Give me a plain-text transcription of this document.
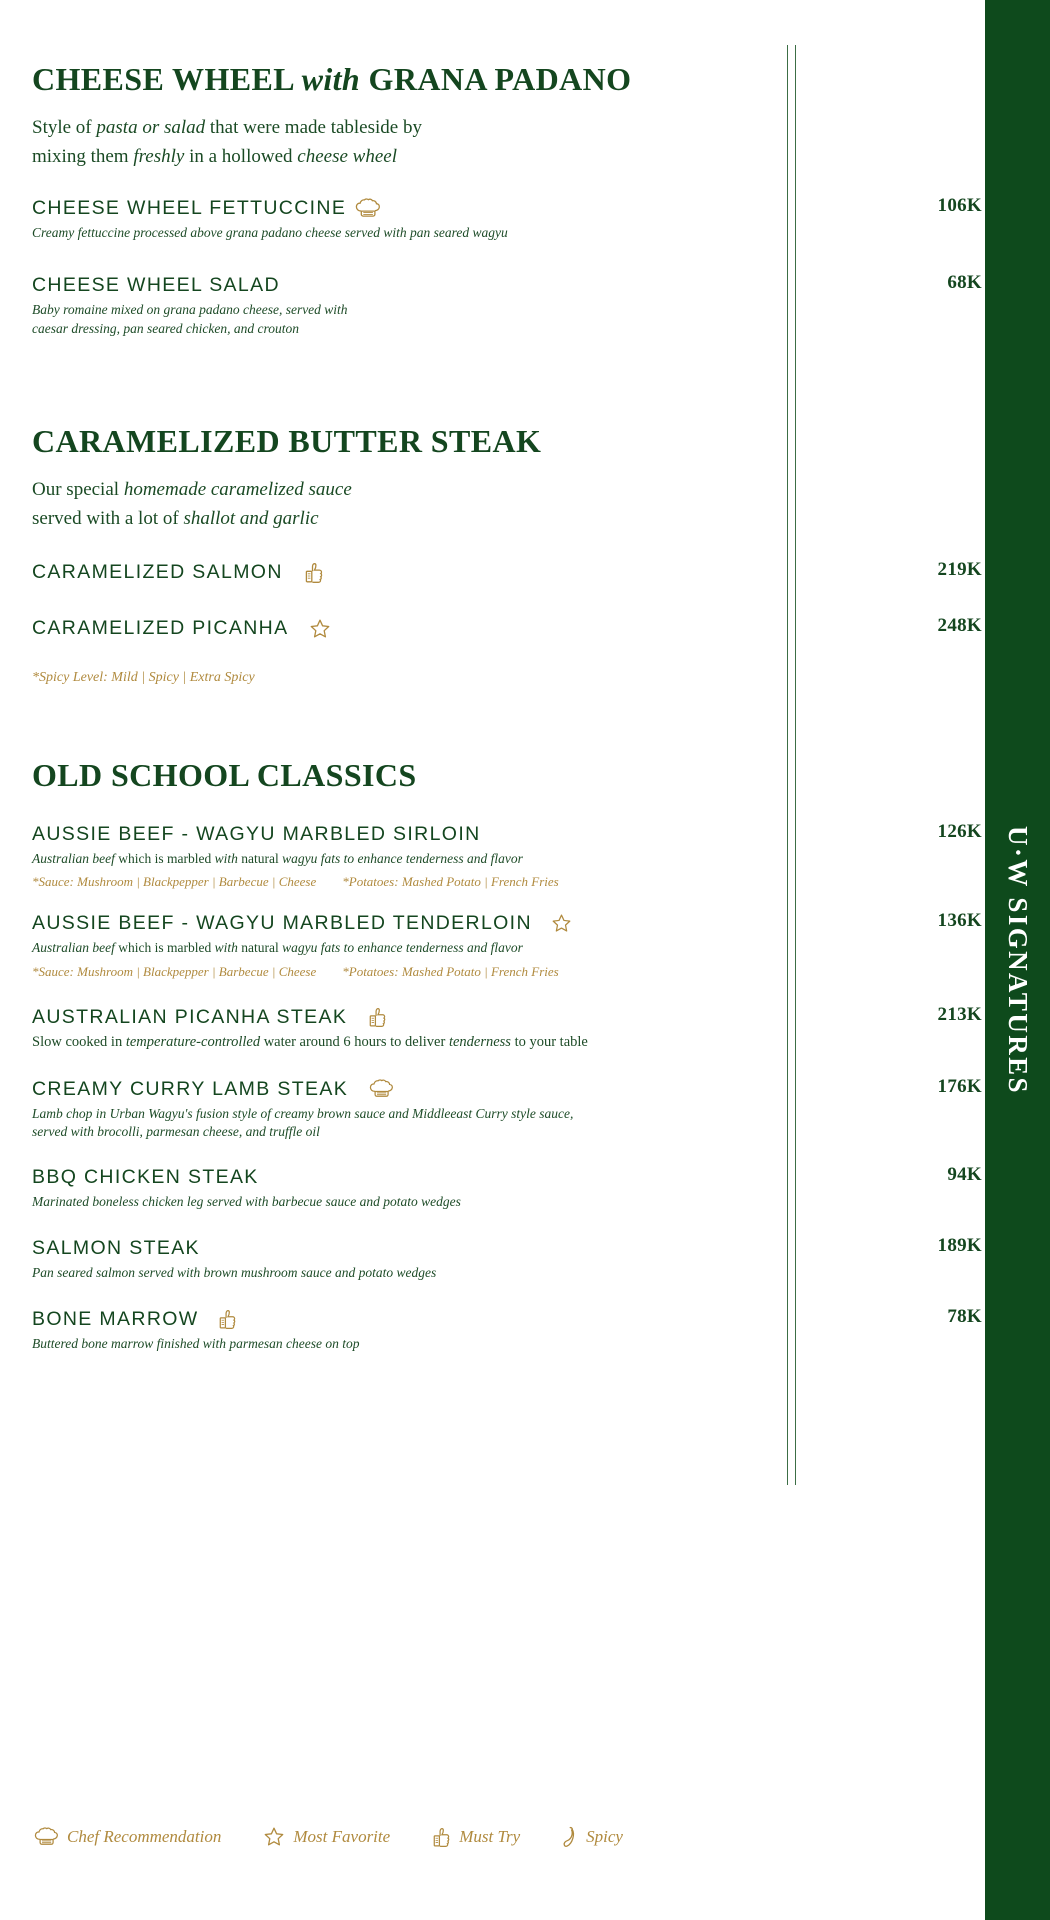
CHEESE WHEEL with GRANA PADANO
Style of pasta or salad that were made tableside by
mixing them freshly in a hollowed cheese wheel
CHEESE WHEEL FETTUCCINE
Creamy fettuccine processed above grana padano cheese served with pan seared wagyu
106K
CHEESE WHEEL SALAD
Baby romaine mixed on grana padano cheese, served with
caesar dressing, pan seared chicken, and crouton
68K
CARAMELIZED BUTTER STEAK
Our special homemade caramelized sauce
served with a lot of shallot and garlic
CARAMELIZED SALMON	219K
CARAMELIZED PICANHA	248K
*Spicy Level: Mild | Spicy | Extra Spicy
OLD SCHOOL CLASSICS
AUSSIE BEEF - WAGYU MARBLED SIRLOIN
Australian beef which is marbled with natural wagyu fats to enhance tenderness and flavor
*Sauce: Mushroom | Blackpepper | Barbecue | Cheese *Potatoes: Mashed Potato | French Fries
126K
AUSSIE BEEF - WAGYU MARBLED TENDERLOIN
Australian beef which is marbled with natural wagyu fats to enhance tenderness and flavor
*Sauce: Mushroom | Blackpepper | Barbecue | Cheese *Potatoes: Mashed Potato | French Fries
136K
AUSTRALIAN PICANHA STEAK
Slow cooked in temperature-controlled water around 6 hours to deliver tenderness to your table
213K
CREAMY CURRY LAMB STEAK
Lamb chop in Urban Wagyu's fusion style of creamy brown sauce and Middleeast Curry style sauce,
served with brocolli, parmesan cheese, and truffle oil
176K
BBQ CHICKEN STEAK
Marinated boneless chicken leg served with barbecue sauce and potato wedges
94K
SALMON STEAK
Pan seared salmon served with brown mushroom sauce and potato wedges
189K
BONE MARROW
Buttered bone marrow finished with parmesan cheese on top
78K
Chef Recommendation	Most Favorite	Must Try	Spicy
U·W SIGNATURES
